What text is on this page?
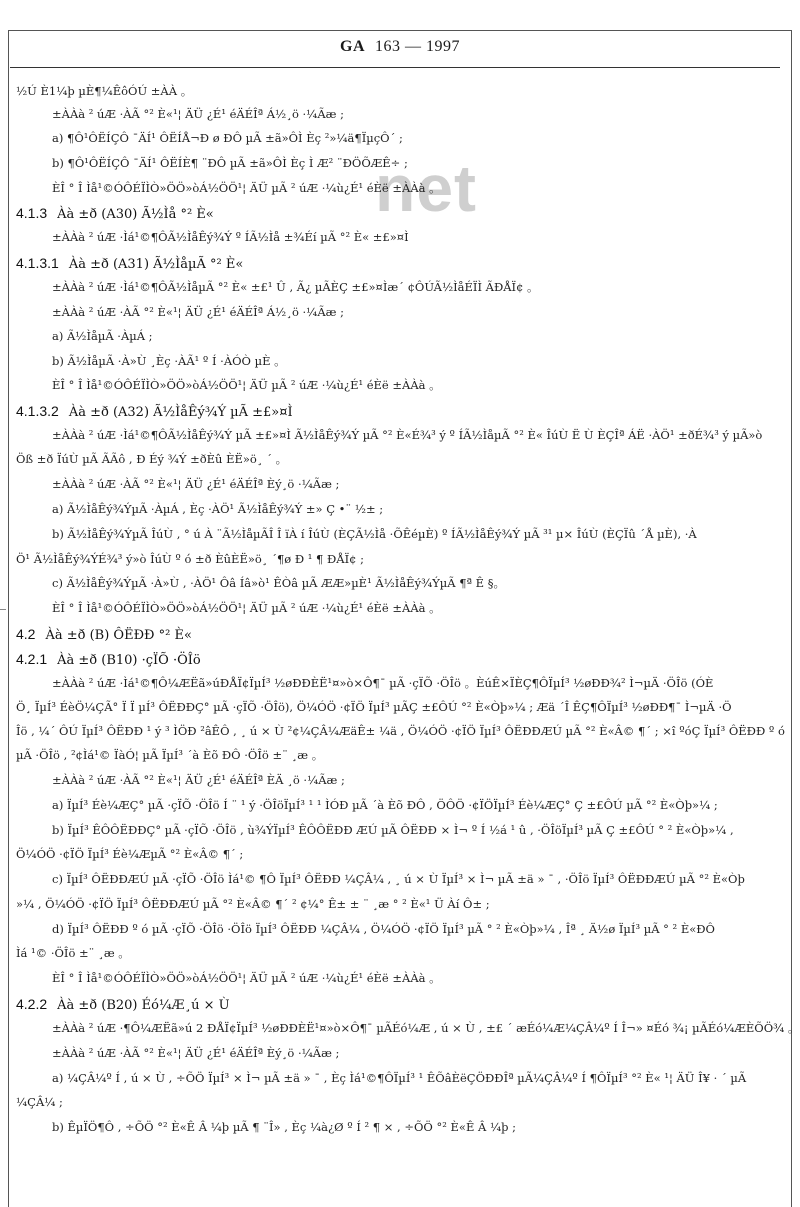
GA 163 — 1997
net
½Ú È1¼þ µÈ¶¼ÊôÓÚ ±ÀÀ 。
±ÀÀà ² úÆ ·ÀÃ °² È«¹¦ ÄÜ ¿É¹ éÄÉÎª Á½¸ö ·¼Ãæ ;
a) ¶Ô¹ÔËÍÇÔ ¯ÄÍ¹ ÔËÍÅ¬Ð ø ÐÔ µÃ ±ã»ÔÌ Èç ²»¼ä¶ÏµçÔ´ ;
b) ¶Ô¹ÔËÍÇÔ ¯ÄÍ¹ ÔËÍÈ¶ ¨ÐÔ µÃ ±ã»ÔÌ Èç Ì Æ² ¨ÐÖÕÆÊ÷ ;
ÈÎ ° Î Ìå¹©ÓÔÉÏÌÒ»ÖÖ»òÁ½ÖÖ¹¦ ÄÜ µÃ ² úÆ ·¼ù¿É¹ éÈë ±ÀÀà 。
4.1.3 Àà ±ð (A30) Ã½Ìå °² È«
±ÀÀà ² úÆ ·Ìá¹©¶ÔÃ½ÌåÊý¾Ý º ÍÃ½Ìå ±¾Éí µÃ °² È« ±£»¤Ì
4.1.3.1 Àà ±ð (A31) Ã½ÌåµÃ °² È«
±ÀÀà ² úÆ ·Ìá¹©¶ÔÃ½ÌåµÃ °² È« ±£¹ Û , Ã¿ µÃÈÇ ±£»¤Ìæ´ ¢ÔÚÃ½ÌåÉÏÌ ÃÐÅÏ¢ 。
±ÀÀà ² úÆ ·ÀÃ °² È«¹¦ ÄÜ ¿É¹ éÄÉÎª Á½¸ö ·¼Ãæ ;
a) Ã½ÌåµÃ ·ÀµÁ ;
b) Ã½ÌåµÃ ·À»Ù ¸Èç ·ÀÃ¹ º Í ·ÀÓÒ µÈ 。
ÈÎ ° Î Ìå¹©ÓÔÉÏÌÒ»ÖÖ»òÁ½ÖÖ¹¦ ÄÜ µÃ ² úÆ ·¼ù¿É¹ éÈë ±ÀÀà 。
4.1.3.2 Àà ±ð (A32) Ã½ÌåÊý¾Ý µÃ ±£»¤Ì
±ÀÀà ² úÆ ·Ìá¹©¶ÔÃ½ÌåÊý¾Ý µÃ ±£»¤Ì Ã½ÌåÊý¾Ý µÃ °² È«É¾³ ý º ÍÃ½ÌåµÃ °² È« ÎúÙ Ë Ù ÈÇÎª ÁË ·ÀÖ¹ ±ðÉ¾³ ý µÃ»ò
Öß ±ð ÏúÙ µÃ ÃÃô , Ð Éý ¾Ý ±ðÈû ÈË»ö¸ ´ 。
±ÀÀà ² úÆ ·ÀÃ °² È«¹¦ ÄÜ ¿É¹ éÄÉÎª Èý¸ö ·¼Ãæ ;
a) Ã½ÌåÊý¾ÝµÃ ·ÀµÁ , Èç ·ÀÖ¹ Ã½ÌåÊý¾Ý ±» Ç •¨ ½± ;
b) Ã½ÌåÊý¾ÝµÃ ÎúÙ , ° ú À ¨Ã½ÌåµÃÎ Î ïÀ í ÎúÙ (ÈÇÃ½Ìå ·ÕÊéµÈ) º ÍÃ½ÌåÊý¾Ý µÃ ³¹ µ× ÎúÙ (ÈÇÏû ´Å µÈ), ·À
Ö¹ Ã½ÌåÊý¾ÝÉ¾³ ý»ò ÎúÙ º ó ±ð ÈûÈË»ö¸ ´¶ø Ð ¹ ¶ ÐÅÏ¢ ;
c) Ã½ÌåÊý¾ÝµÃ ·À»Ù , ·ÀÖ¹ Ôâ Íâ»ò¹ ÊÒâ µÃ ÆÆ»µÈ¹ Ã½ÌåÊý¾ÝµÃ ¶ª Ê §。
ÈÎ ° Î Ìå¹©ÓÔÉÏÌÒ»ÖÖ»òÁ½ÖÖ¹¦ ÄÜ µÃ ² úÆ ·¼ù¿É¹ éÈë ±ÀÀà 。
4.2 Àà ±ð (B) ÔËÐÐ °² È«
4.2.1 Àà ±ð (B10) ·çÏÕ ·ÖÎö
±ÀÀà ² úÆ ·Ìá¹©¶Ô¼ÆËã»úÐÅÏ¢ÏµÍ³ ½øÐÐÈË¹¤»ò×Ô¶¯ µÃ ·çÏÕ ·ÖÎö 。ÈúÊ×ÏÈÇ¶ÔÏµÍ³ ½øÐÐ¾² Ì¬µÄ ·ÖÎö (ÓÈ
Ö¸ ÏµÍ³ ÉèÖ¼ÇÃ° Ï Ï µÍ³ ÔËÐÐÇ° µÃ ·çÏÕ ·ÖÎö), Ö¼ÓÖ ·¢ÏÖ ÏµÍ³ µÃÇ ±£ÔÚ °² È«Òþ»¼ ; Æä ´Î ÊÇ¶ÔÏµÍ³ ½øÐÐ¶¯ Ì¬µÄ ·Ö
Îö , ¼´ ÔÚ ÏµÍ³ ÔËÐÐ ¹ ý ³ ÌÖÐ ²âÊÔ , ¸ ú × Ù ²¢¼ÇÂ¼ÆäÊ± ¼ä , Ö¼ÓÖ ·¢ÏÖ ÏµÍ³ ÔËÐÐÆÚ µÃ °² È«Â© ¶´ ; ×î ºóÇ ÏµÍ³ ÔËÐÐ º ó
µÃ ·ÖÎö , ²¢Ìá¹© ÏàÓ¦ µÃ ÏµÍ³ ´à Èõ ÐÔ ·ÖÎö ±¨ ¸æ 。
±ÀÀà ² úÆ ·ÀÃ °² È«¹¦ ÄÜ ¿É¹ éÄÉÎª ÈÄ ¸ö ·¼Ãæ ;
a) ÏµÍ³ Éè¼ÆÇ° µÃ ·çÏÕ ·ÖÎö Í ¨ ¹ ý ·ÖÎöÏµÍ³ ¹ ¹ ÌÓÐ µÃ ´à Èõ ÐÔ , ÖÔÖ ·¢ÏÖÏµÍ³ Éè¼ÆÇ° Ç ±£ÔÚ µÃ °² È«Òþ»¼ ;
b) ÏµÍ³ ÊÔÔËÐÐÇ° µÃ ·çÏÕ ·ÖÎö , ù¾ÝÏµÍ³ ÊÔÔËÐÐ ÆÚ µÃ ÔËÐÐ × Ì¬ º Í ½á ¹ û , ·ÖÎöÏµÍ³ µÃ Ç ±£ÔÚ ° ² È«Òþ»¼ ,
Ö¼ÓÖ ·¢ÏÖ ÏµÍ³ Éè¼ÆµÃ °² È«Â© ¶´ ;
c) ÏµÍ³ ÔËÐÐÆÚ µÃ ·çÏÕ ·ÖÎö Ìá¹© ¶Ô ÏµÍ³ ÔËÐÐ ¼ÇÂ¼ , ¸ ú × Ù ÏµÍ³ × Ì¬ µÃ ±ä » ¯ , ·ÖÎö ÏµÍ³ ÔËÐÐÆÚ µÃ °² È«Òþ
»¼ , Ö¼ÓÖ ·¢ÏÖ ÏµÍ³ ÔËÐÐÆÚ µÃ °² È«Â© ¶´ ² ¢¼° Ê± ± ¨ ¸æ ° ² È«¹ Ü Àí Ô± ;
d) ÏµÍ³ ÔËÐÐ º ó µÃ ·çÏÕ ·ÖÎö ·ÖÎö ÏµÍ³ ÔËÐÐ ¼ÇÂ¼ , Ö¼ÓÖ ·¢ÏÖ ÏµÍ³ µÃ ° ² È«Òþ»¼ , Îª ¸ Ä½ø ÏµÍ³ µÃ ° ² È«ÐÔ
Ìá ¹© ·ÖÎö ±¨ ¸æ 。
ÈÎ ° Î Ìå¹©ÓÔÉÏÌÒ»ÖÖ»òÁ½ÖÖ¹¦ ÄÜ µÃ ² úÆ ·¼ù¿É¹ éÈë ±ÀÀà 。
4.2.2 Àà ±ð (B20) Éó¼Æ¸ú × Ù
±ÀÀà ² úÆ ·¶Ô¼ÆËã»ú 2 ÐÅÏ¢ÏµÍ³ ½øÐÐÈË¹¤»ò×Ô¶¯ µÃÉó¼Æ , ú × Ù , ±£ ´ æÉó¼Æ¼ÇÂ¼º Í Î¬» ¤Éó ¾¡ µÃÉó¼ÆÈÕÖ¾ 。
±ÀÀà ² úÆ ·ÀÃ °² È«¹¦ ÄÜ ¿É¹ éÄÉÎª Èý¸ö ·¼Ãæ ;
a) ¼ÇÂ¼º Í , ú × Ù , ÷ÕÖ ÏµÍ³ × Ì¬ µÃ ±ä » ¯ , Èç Ìá¹©¶ÔÏµÍ³ ¹ ÊÕâÈëÇÖÐÐÎª µÃ¼ÇÂ¼º Í ¶ÔÏµÍ³ °² È« ¹¦ ÄÜ Î¥ · ´ µÃ
¼ÇÂ¼ ;
b) ÊµÏÖ¶Ô , ÷ÕÖ °² È«Ê Â ¼þ µÃ ¶ ¨Î» , Èç ¼à¿Ø º Í ² ¶ × , ÷ÕÖ °² È«Ê Â ¼þ ;
